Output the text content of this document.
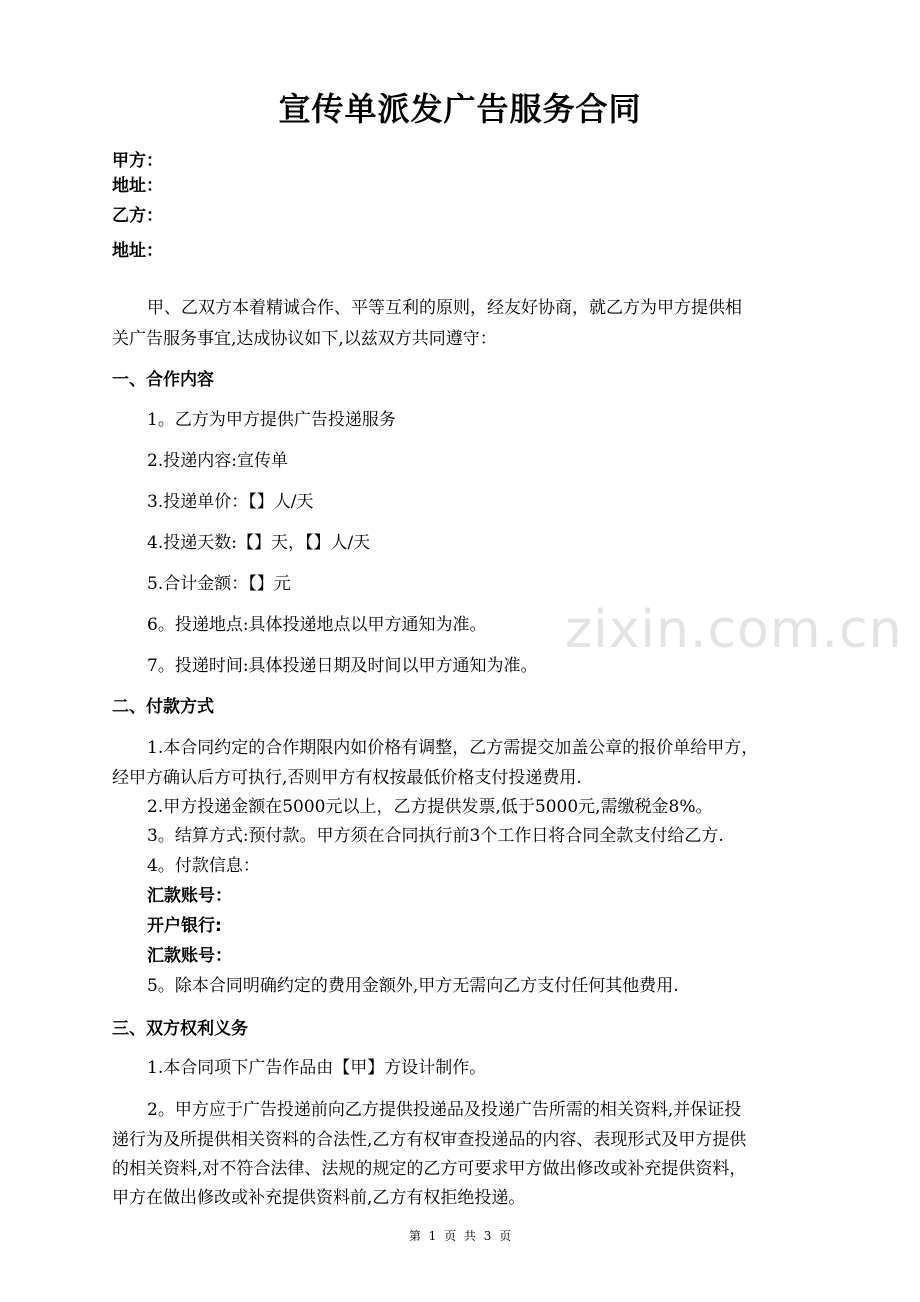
宣传单派发广告服务合同
甲方：
地址：
乙方：
地址：
甲、乙双方本着精诚合作、平等互利的原则，经友好协商，就乙方为甲方提供相
关广告服务事宜,达成协议如下,以兹双方共同遵守：
一、合作内容
1。乙方为甲方提供广告投递服务
2.投递内容:宣传单
3.投递单价：【】人/天
4.投递天数:【】天，【】人/天
5.合计金额：【】元
6。投递地点:具体投递地点以甲方通知为准。
7。投递时间:具体投递日期及时间以甲方通知为准。
二、付款方式
1.本合同约定的合作期限内如价格有调整，乙方需提交加盖公章的报价单给甲方，
经甲方确认后方可执行,否则甲方有权按最低价格支付投递费用.
2.甲方投递金额在5000元以上，乙方提供发票,低于5000元,需缴税金8%。
3。结算方式:预付款。甲方须在合同执行前3个工作日将合同全款支付给乙方.
4。付款信息：
汇款账号：
开户银行:
汇款账号：
5。除本合同明确约定的费用金额外,甲方无需向乙方支付任何其他费用.
三、双方权利义务
1.本合同项下广告作品由【甲】方设计制作。
2。甲方应于广告投递前向乙方提供投递品及投递广告所需的相关资料,并保证投
递行为及所提供相关资料的合法性,乙方有权审查投递品的内容、表现形式及甲方提供
的相关资料,对不符合法律、法规的规定的乙方可要求甲方做出修改或补充提供资料，
甲方在做出修改或补充提供资料前,乙方有权拒绝投递。
zixin.com.cn
第 1 页 共 3 页
